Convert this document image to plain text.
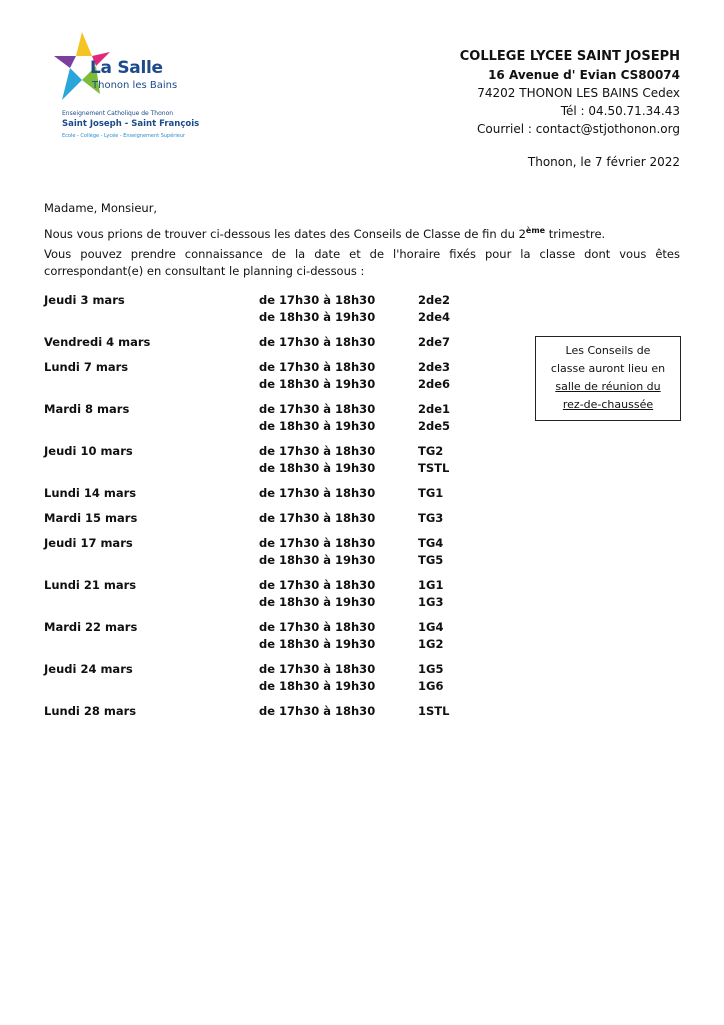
La Salle
Thonon les Bains
Enseignement Catholique de Thonon
Saint Joseph - Saint François
Ecole - Collège - Lycée - Enseignement Supérieur
COLLEGE LYCEE SAINT JOSEPH
16 Avenue d' Evian CS80074
74202 THONON LES BAINS Cedex
Tél : 04.50.71.34.43
Courriel : contact@stjothonon.org
Thonon, le 7 février 2022
Madame, Monsieur,
Nous vous prions de trouver ci-dessous les dates des Conseils de Classe de fin du 2ème trimestre.
Vous pouvez prendre connaissance de la date et de l'horaire fixés pour la classe dont vous êtes correspondant(e) en consultant le planning ci-dessous :
Jeudi 3 mars	de 17h30 à 18h30	2de2
de 18h30 à 19h30	2de4
Vendredi 4 mars	de 17h30 à 18h30	2de7
Lundi 7 mars	de 17h30 à 18h30	2de3
de 18h30 à 19h30	2de6
Mardi 8 mars	de 17h30 à 18h30	2de1
de 18h30 à 19h30	2de5
Jeudi 10 mars	de 17h30 à 18h30	TG2
de 18h30 à 19h30	TSTL
Lundi 14 mars	de 17h30 à 18h30	TG1
Mardi 15 mars	de 17h30 à 18h30	TG3
Jeudi 17 mars	de 17h30 à 18h30	TG4
de 18h30 à 19h30	TG5
Lundi 21 mars	de 17h30 à 18h30	1G1
de 18h30 à 19h30	1G3
Mardi 22 mars	de 17h30 à 18h30	1G4
de 18h30 à 19h30	1G2
Jeudi 24 mars	de 17h30 à 18h30	1G5
de 18h30 à 19h30	1G6
Lundi 28 mars	de 17h30 à 18h30	1STL
Les Conseils de
classe auront lieu en
salle de réunion du
rez-de-chaussée
